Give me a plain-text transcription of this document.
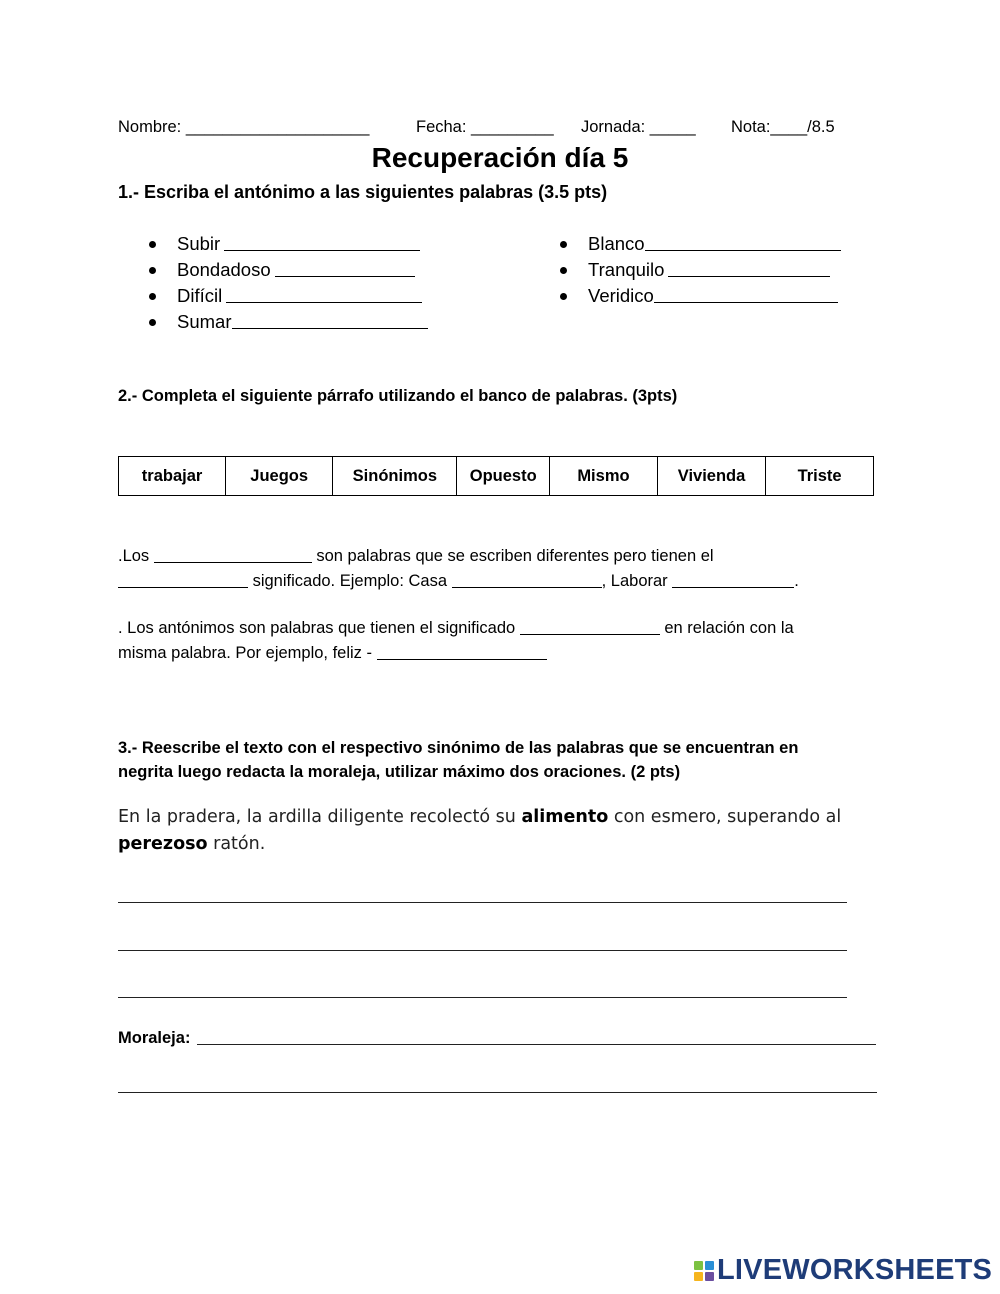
Nombre: ____________________	Fecha: _________ Jornada: _____ Nota:____/8.5
Recuperación día 5
1.- Escriba el antónimo a las siguientes palabras (3.5 pts)
Subir
Bondadoso
Difícil
Sumar
Blanco
Tranquilo
Veridico
2.- Completa el siguiente párrafo utilizando el banco de palabras. (3pts)
trabajar	Juegos	Sinónimos	Opuesto	Mismo	Vivienda	Triste
.Los	son palabras que se escriben diferentes pero tienen el
significado. Ejemplo: Casa	, Laborar	.
. Los antónimos son palabras que tienen el significado	en relación con la
misma palabra. Por ejemplo, feliz -
3.- Reescribe el texto con el respectivo sinónimo de las palabras que se encuentran en
negrita luego redacta la moraleja, utilizar máximo dos oraciones. (2 pts)
En la pradera, la ardilla diligente recolectó su alimento con esmero, superando al
perezoso ratón.
Moraleja:
LIVEWORKSHEETS
